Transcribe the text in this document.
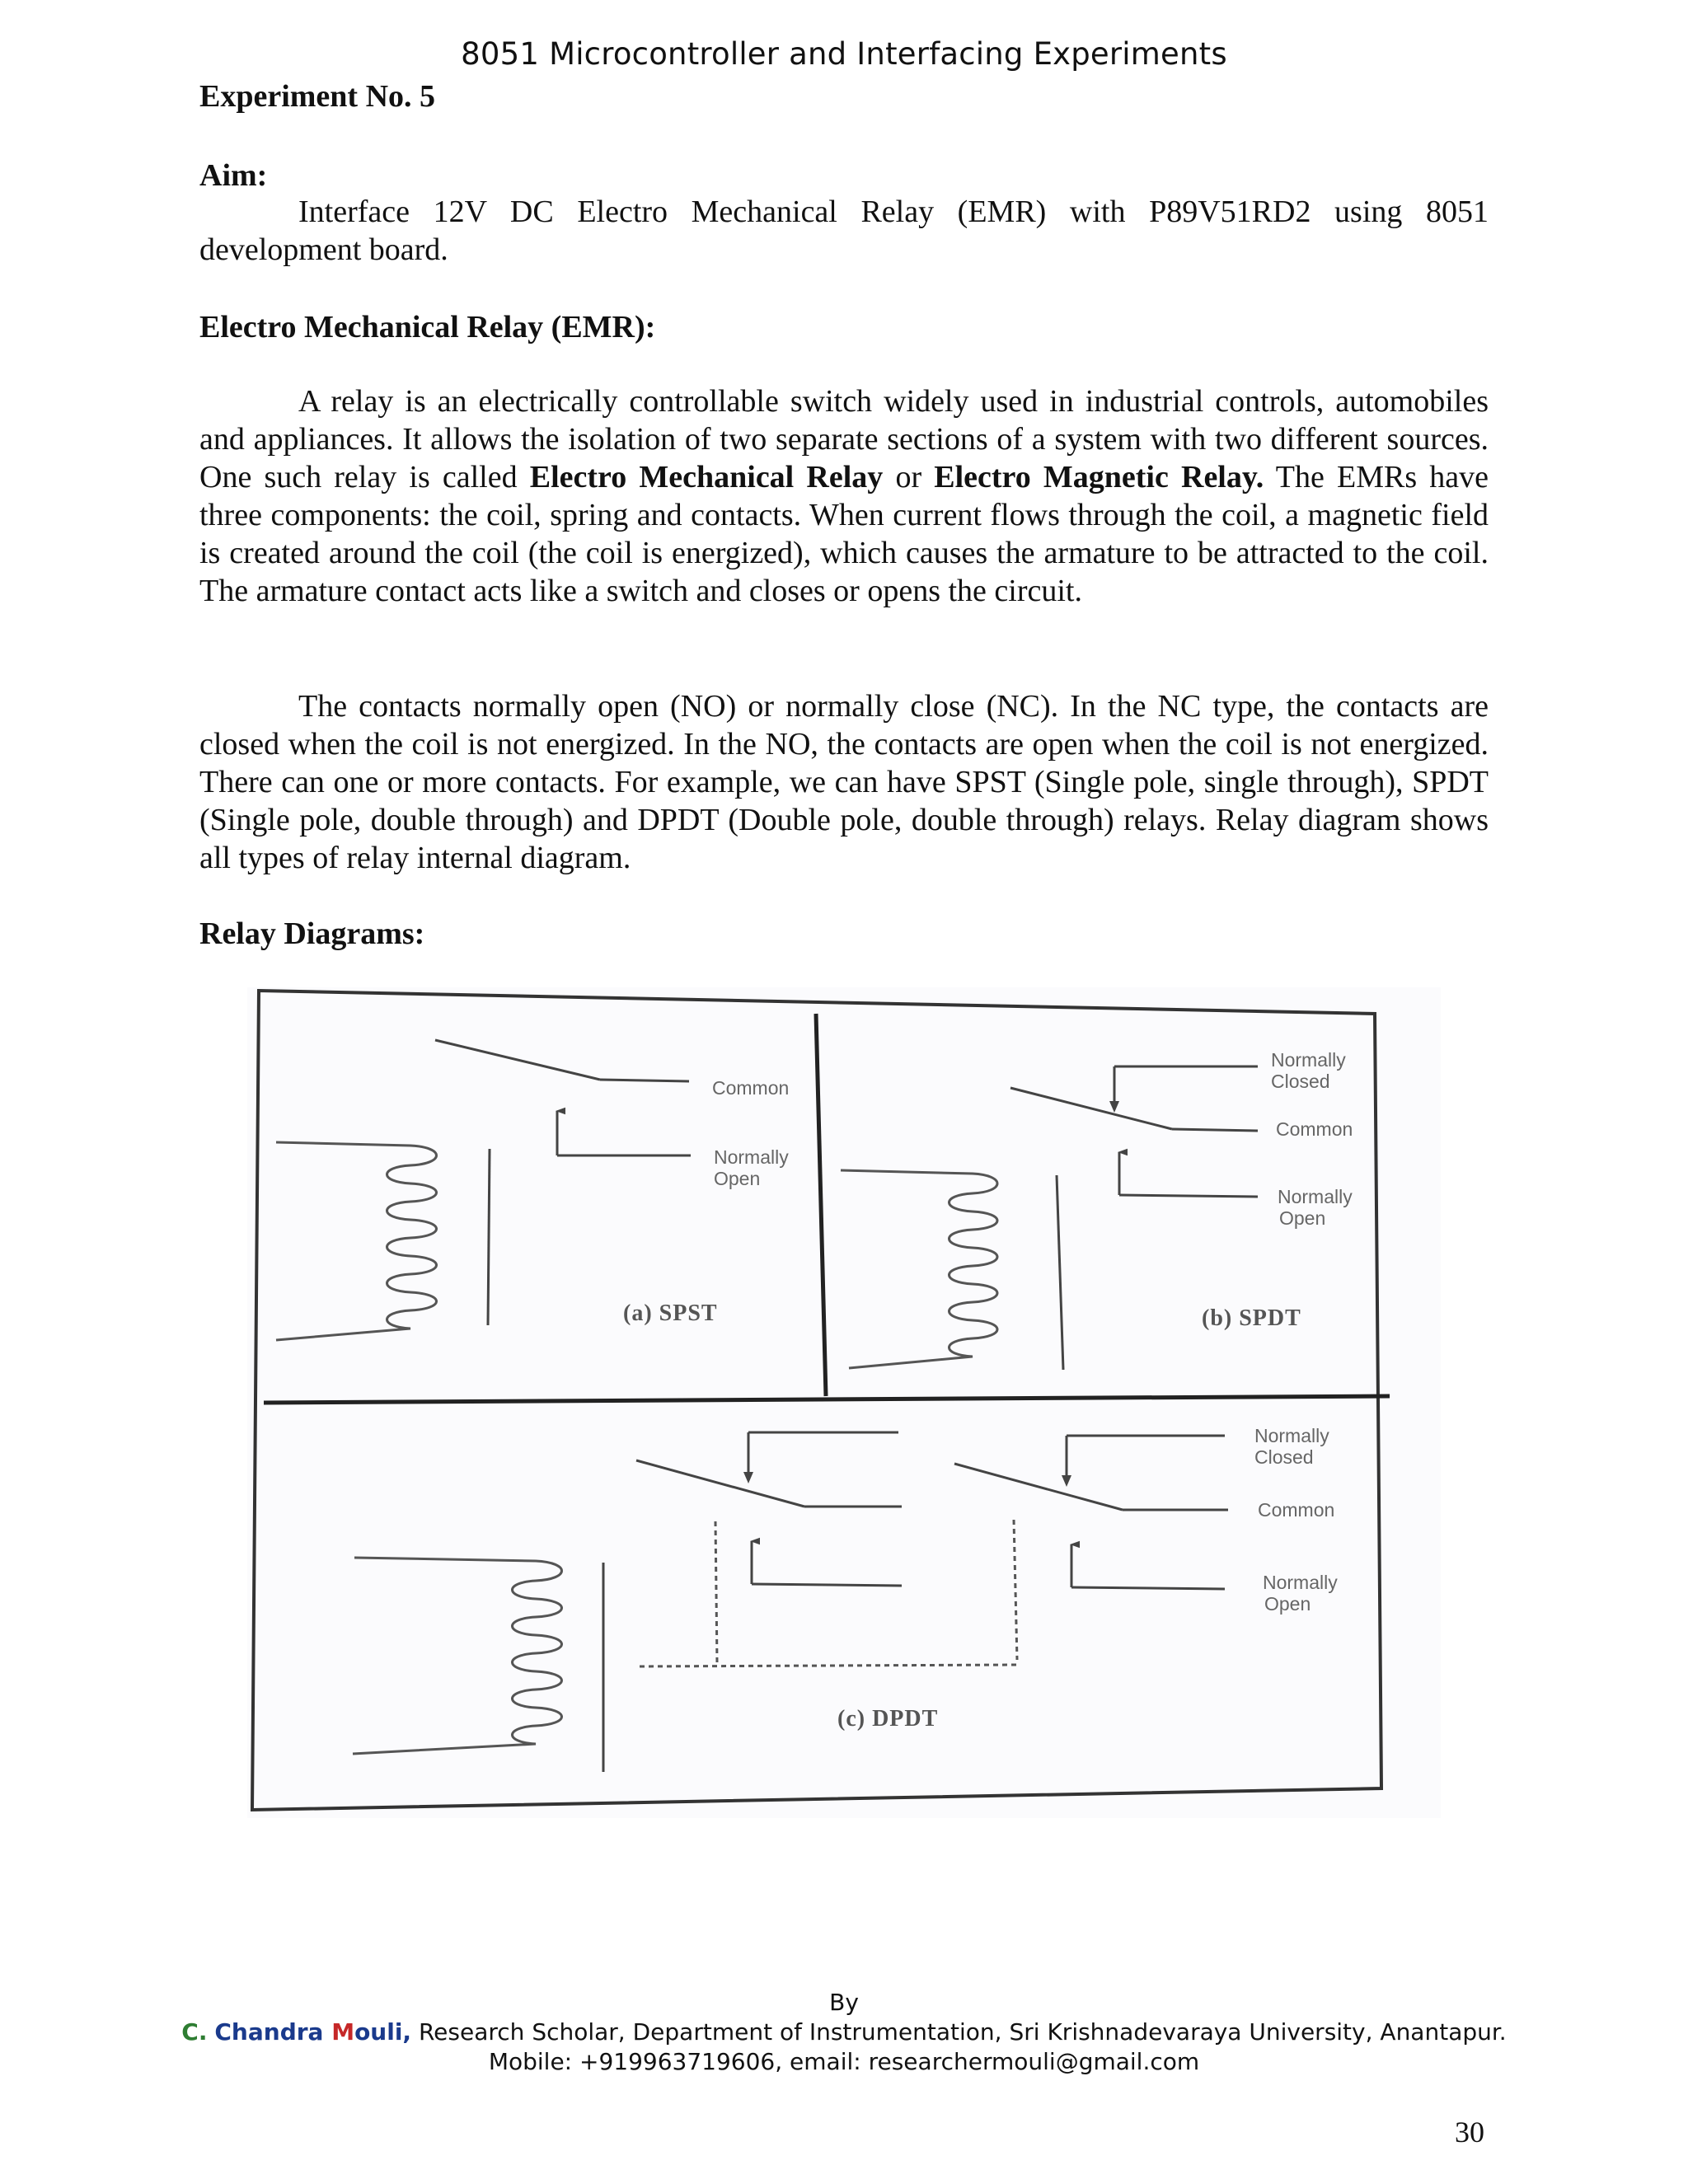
8051 Microcontroller and Interfacing Experiments
Experiment No. 5
Aim:

Interface 12V DC Electro Mechanical Relay (EMR) with P89V51RD2 using 8051 development board.

Electro Mechanical Relay (EMR):

A relay is an electrically controllable switch widely used in industrial controls, automobiles and appliances. It allows the isolation of two separate sections of a system with two different sources. One such relay is called Electro Mechanical Relay or Electro Magnetic Relay. The EMRs have three components: the coil, spring and contacts. When current flows through the coil, a magnetic field is created around the coil (the coil is energized), which causes the armature to be attracted to the coil. The armature contact acts like a switch and closes or opens the circuit.

The contacts normally open (NO) or normally close (NC). In the NC type, the contacts are closed when the coil is not energized. In the NO, the contacts are open when the coil is not energized. There can one or more contacts. For example, we can have SPST (Single pole, single through), SPDT (Single pole, double through) and DPDT (Double pole, double through) relays. Relay diagram shows all types of relay internal diagram.

Relay Diagrams:
Common
Normally
Open
(a) SPST
Normally
Closed
Common
Normally
Open
(b) SPDT
Normally
Closed
Common
Normally
Open
(c) DPDT
By
C. Chandra Mouli, Research Scholar, Department of Instrumentation, Sri Krishnadevaraya University, Anantapur.
Mobile: +919963719606, email: researchermouli@gmail.com
30
